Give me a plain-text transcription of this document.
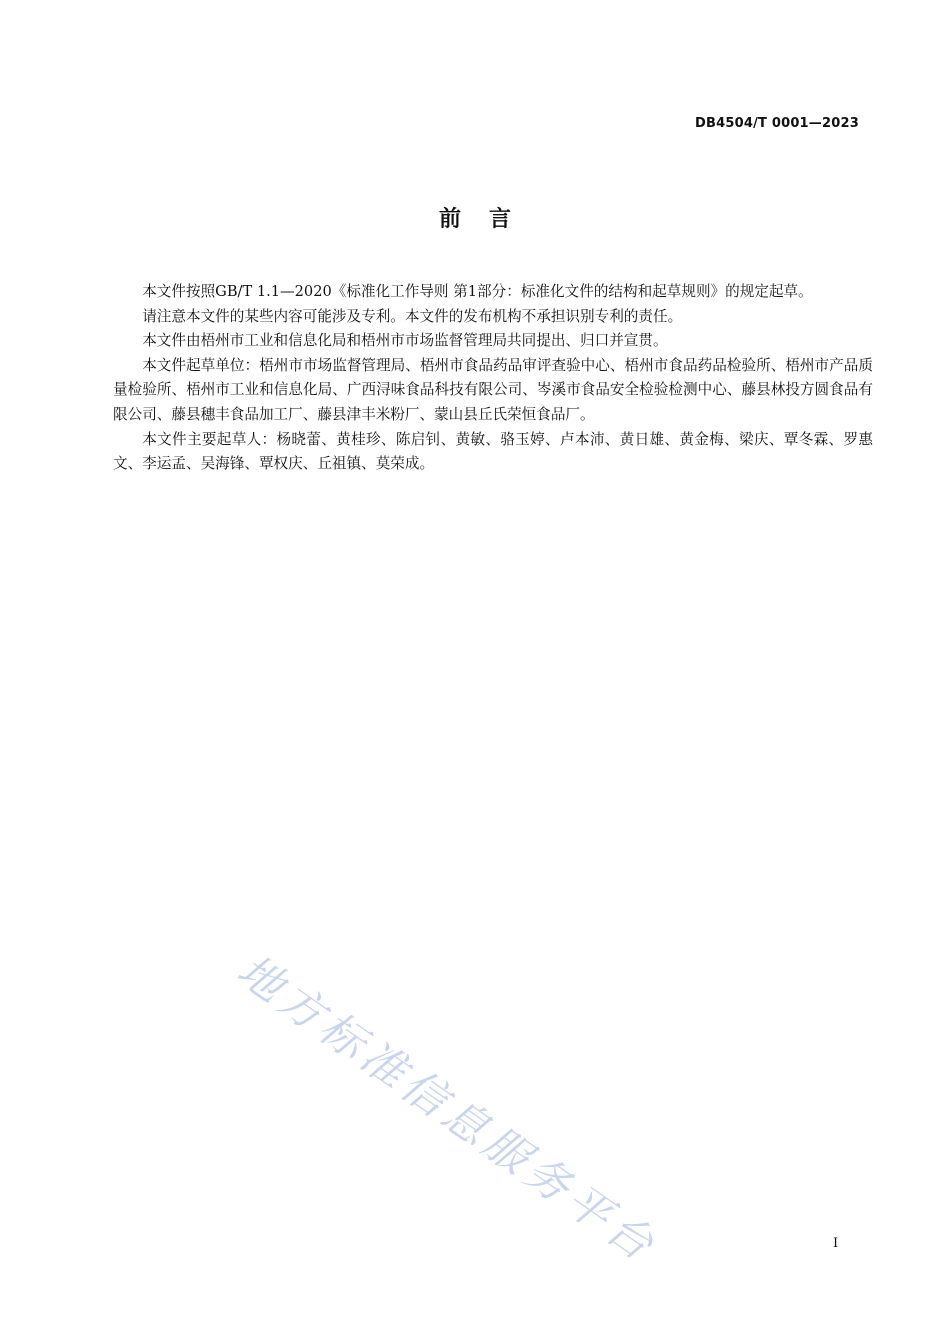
DB4504/T 0001—2023
前言

本文件按照GB/T 1.1—2020《标准化工作导则 第1部分：标准化文件的结构和起草规则》的规定起草。

请注意本文件的某些内容可能涉及专利。本文件的发布机构不承担识别专利的责任。

本文件由梧州市工业和信息化局和梧州市市场监督管理局共同提出、归口并宣贯。

本文件起草单位：梧州市市场监督管理局、梧州市食品药品审评查验中心、梧州市食品药品检验所、梧州市产品质量检验所、梧州市工业和信息化局、广西浔味食品科技有限公司、岑溪市食品安全检验检测中心、藤县林投方圆食品有限公司、藤县穗丰食品加工厂、藤县津丰米粉厂、蒙山县丘氏荣恒食品厂。

本文件主要起草人：杨晓蕾、黄桂珍、陈启钊、黄敏、骆玉婷、卢本沛、黄日雄、黄金梅、梁庆、覃冬霖、罗惠文、李运孟、吴海锋、覃权庆、丘祖镇、莫荣成。

地方标准信息服务平台	I
